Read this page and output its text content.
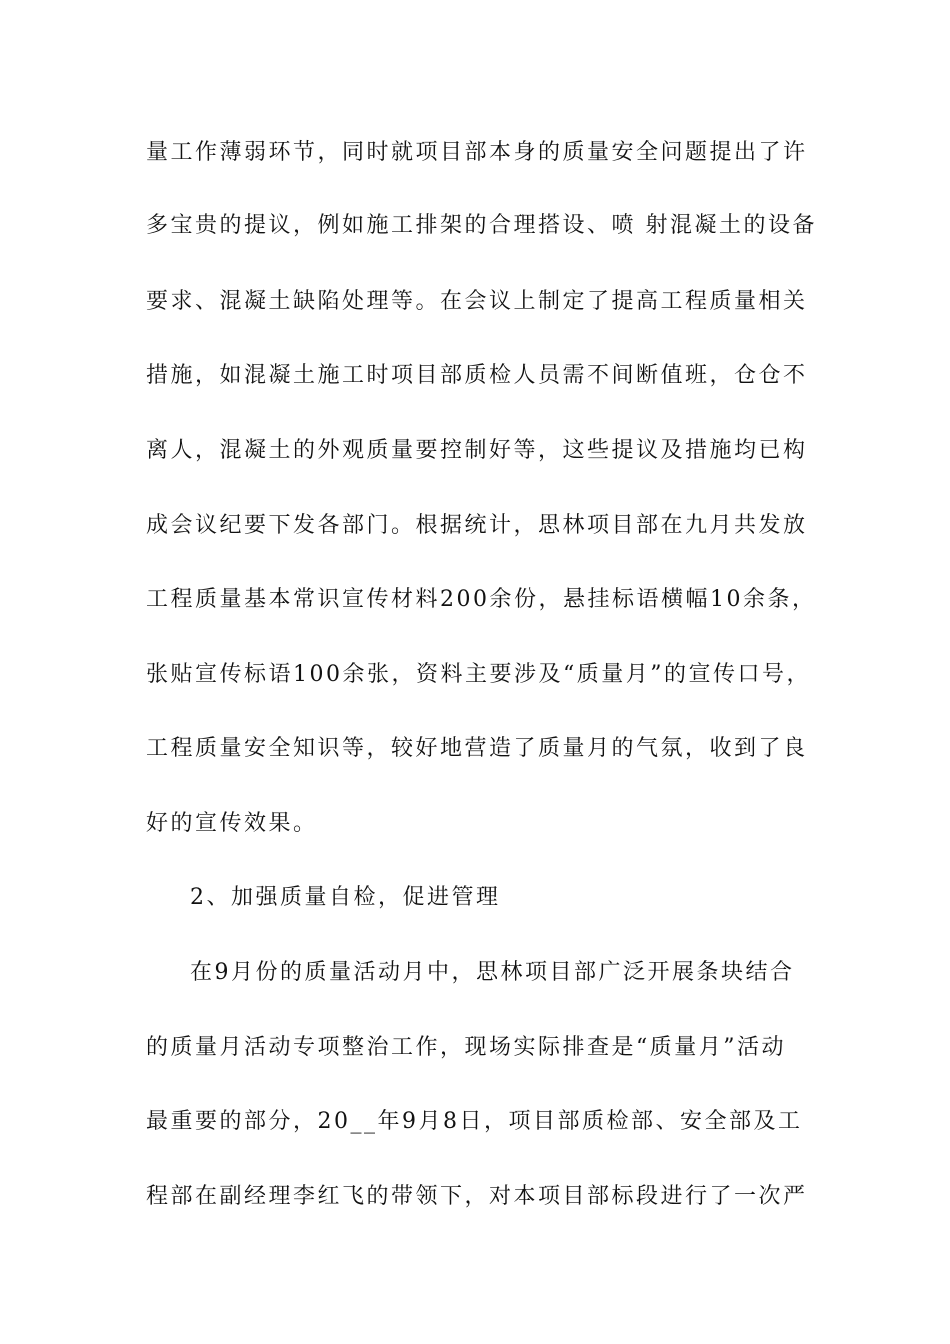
量工作薄弱环节，同时就项目部本身的质量安全问题提出了许
多宝贵的提议，例如施工排架的合理搭设、喷 射混凝土的设备
要求、混凝土缺陷处理等。在会议上制定了提高工程质量相关
措施，如混凝土施工时项目部质检人员需不间断值班，仓仓不
离人，混凝土的外观质量要控制好等，这些提议及措施均已构
成会议纪要下发各部门。根据统计，思林项目部在九月共发放
工程质量基本常识宣传材料200余份，悬挂标语横幅10余条，
张贴宣传标语100余张，资料主要涉及“质量月”的宣传口号，
工程质量安全知识等，较好地营造了质量月的气氛，收到了良
好的宣传效果。
2、加强质量自检，促进管理
在9月份的质量活动月中，思林项目部广泛开展条块结合
的质量月活动专项整治工作，现场实际排查是“质量月”活动
最重要的部分，20__年9月8日，项目部质检部、安全部及工
程部在副经理李红飞的带领下，对本项目部标段进行了一次严
